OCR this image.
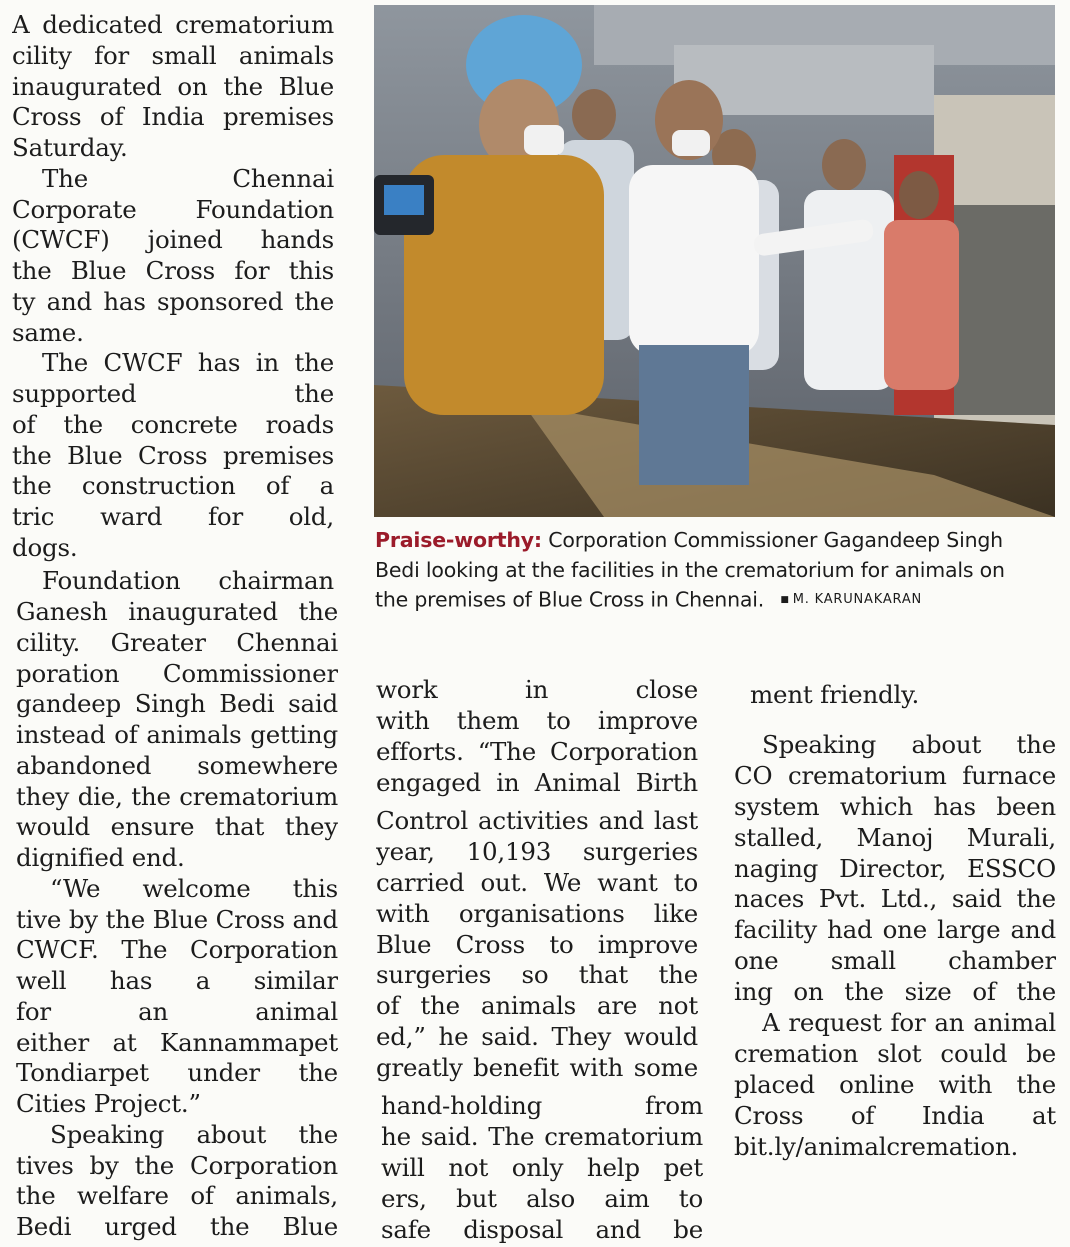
Praise-worthy: Corporation Commissioner Gagandeep Singh
Bedi looking at the facilities in the crematorium for animals on
the premises of Blue Cross in Chennai. ■ M. KARUNAKARAN
A dedicated crematorium
cility for small animals
inaugurated on the Blue
Cross of India premises
Saturday.
The Chennai
Corporate Foundation
(CWCF) joined hands
the Blue Cross for this
ty and has sponsored the
same.
The CWCF has in the
supported the
of the concrete roads
the Blue Cross premises
the construction of a
tric ward for old,
dogs.
Foundation chairman
Ganesh inaugurated the
cility. Greater Chennai
poration Commissioner
gandeep Singh Bedi said
instead of animals getting
abandoned somewhere
they die, the crematorium
would ensure that they
dignified end.
“We welcome this
tive by the Blue Cross and
CWCF. The Corporation
well has a similar
for an animal
either at Kannammapet
Tondiarpet under the
Cities Project.”
Speaking about the
tives by the Corporation
the welfare of animals,
Bedi urged the Blue
work in close
with them to improve
efforts. “The Corporation
engaged in Animal Birth
Control activities and last
year, 10,193 surgeries
carried out. We want to
with organisations like
Blue Cross to improve
surgeries so that the
of the animals are not
ed,” he said. They would
greatly benefit with some
hand-holding from
he said. The crematorium
will not only help pet
ers, but also aim to
safe disposal and be
ment friendly.
Speaking about the
CO crematorium furnace
system which has been
stalled, Manoj Murali,
naging Director, ESSCO
naces Pvt. Ltd., said the
facility had one large and
one small chamber
ing on the size of the
A request for an animal
cremation slot could be
placed online with the
Cross of India at
bit.ly/animalcremation.
